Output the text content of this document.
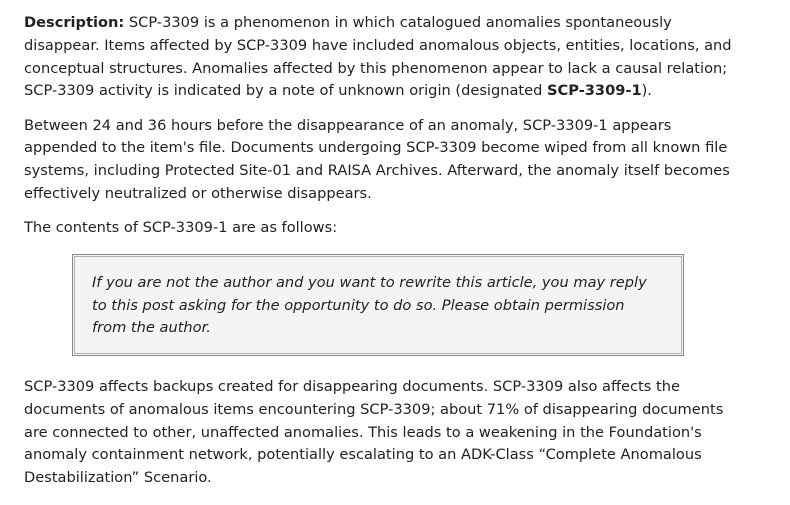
Description: SCP-3309 is a phenomenon in which catalogued anomalies spontaneously disappear. Items affected by SCP-3309 have included anomalous objects, entities, locations, and conceptual structures. Anomalies affected by this phenomenon appear to lack a causal relation; SCP-3309 activity is indicated by a note of unknown origin (designated SCP-3309-1).

Between 24 and 36 hours before the disappearance of an anomaly, SCP-3309-1 appears appended to the item's file. Documents undergoing SCP-3309 become wiped from all known file systems, including Protected Site-01 and RAISA Archives. Afterward, the anomaly itself becomes effectively neutralized or otherwise disappears.

The contents of SCP-3309-1 are as follows:

If you are not the author and you want to rewrite this article, you may reply to this post asking for the opportunity to do so. Please obtain permission from the author.

SCP-3309 affects backups created for disappearing documents. SCP-3309 also affects the documents of anomalous items encountering SCP-3309; about 71% of disappearing documents are connected to other, unaffected anomalies. This leads to a weakening in the Foundation's anomaly containment network, potentially escalating to an ADK-Class “Complete Anomalous Destabilization” Scenario.
